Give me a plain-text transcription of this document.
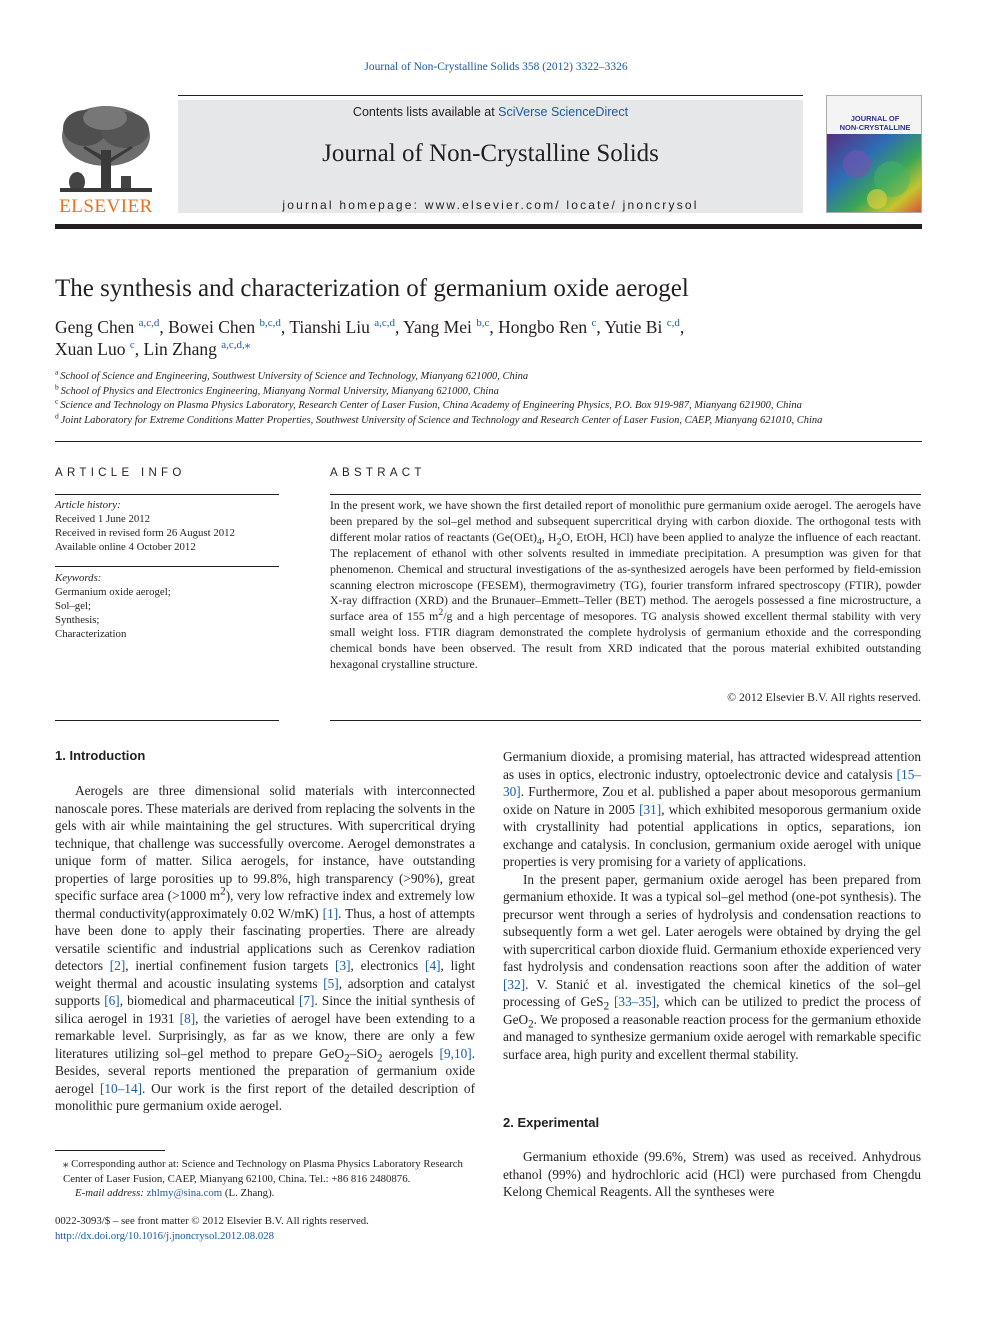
Journal of Non-Crystalline Solids 358 (2012) 3322–3326
ELSEVIER
Contents lists available at SciVerse ScienceDirect
Journal of Non-Crystalline Solids
journal homepage: www.elsevier.com/ locate/ jnoncrysol
JOURNAL OF
NON-CRYSTALLINE
The synthesis and characterization of germanium oxide aerogel
Geng Chen $^{a,c,d}$, Bowei Chen $^{b,c,d}$, Tianshi Liu $^{a,c,d}$, Yang Mei $^{b,c}$, Hongbo Ren $^c$, Yutie Bi $^{c,d}$,
Xuan Luo $^c$, Lin Zhang $^{a,c,d,⁎}$
$^a$ School of Science and Engineering, Southwest University of Science and Technology, Mianyang 621000, China
$^b$ School of Physics and Electronics Engineering, Mianyang Normal University, Mianyang 621000, China
$^c$ Science and Technology on Plasma Physics Laboratory, Research Center of Laser Fusion, China Academy of Engineering Physics, P.O. Box 919-987, Mianyang 621900, China
$^d$ Joint Laboratory for Extreme Conditions Matter Properties, Southwest University of Science and Technology and Research Center of Laser Fusion, CAEP, Mianyang 621010, China
ARTICLE INFO
Article history:
Received 1 June 2012
Received in revised form 26 August 2012
Available online 4 October 2012
Keywords:
Germanium oxide aerogel;
Sol–gel;
Synthesis;
Characterization
ABSTRACT
In the present work, we have shown the first detailed report of monolithic pure germanium oxide aerogel. The aerogels have been prepared by the sol–gel method and subsequent supercritical drying with carbon dioxide. The orthogonal tests with different molar ratios of reactants ($Ge(OEt)_4$, $H_2O$, EtOH, HCl) have been applied to analyze the influence of each reactant. The replacement of ethanol with other solvents resulted in immediate precipitation. A presumption was given for that phenomenon. Chemical and structural investigations of the as-synthesized aerogels have been performed by field-emission scanning electron microscope (FESEM), thermogravimetry (TG), fourier transform infrared spectroscopy (FTIR), powder X-ray diffraction (XRD) and the Brunauer–Emmett–Teller (BET) method. The aerogels possessed a fine microstructure, a surface area of 155 $m^2/g$ and a high percentage of mesopores. TG analysis showed excellent thermal stability with very small weight loss. FTIR diagram demonstrated the complete hydrolysis of germanium ethoxide and the corresponding chemical bonds have been observed. The result from XRD indicated that the porous material exhibited outstanding hexagonal crystalline structure.
© 2012 Elsevier B.V. All rights reserved.
1. Introduction

Aerogels are three dimensional solid materials with interconnected nanoscale pores. These materials are derived from replacing the solvents in the gels with air while maintaining the gel structures. With supercritical drying technique, that challenge was successfully overcome. Aerogel demonstrates a unique form of matter. Silica aerogels, for instance, have outstanding properties of large porosities up to 99.8%, high transparency (>90%), great specific surface area (>1000 $m^2$), very low refractive index and extremely low thermal conductivity(approximately 0.02 W/mK) [1]. Thus, a host of attempts have been done to apply their fascinating properties. There are already versatile scientific and industrial applications such as Cerenkov radiation detectors [2], inertial confinement fusion targets [3], electronics [4], light weight thermal and acoustic insulating systems [5], adsorption and catalyst supports [6], biomedical and pharmaceutical [7]. Since the initial synthesis of silica aerogel in 1931 [8], the varieties of aerogel have been extending to a remarkable level. Surprisingly, as far as we know, there are only a few literatures utilizing sol–gel method to prepare GeO$_2$–SiO$_2$ aerogels [9,10]. Besides, several reports mentioned the preparation of germanium oxide aerogel [10–14]. Our work is the first report of the detailed description of monolithic pure germanium oxide aerogel.

⁎ Corresponding author at: Science and Technology on Plasma Physics Laboratory Research Center of Laser Fusion, CAEP, Mianyang 62100, China. Tel.: +86 816 2480876.
E-mail address: zhlmy@sina.com (L. Zhang).
0022-3093/$ – see front matter © 2012 Elsevier B.V. All rights reserved.
http://dx.doi.org/10.1016/j.jnoncrysol.2012.08.028

Germanium dioxide, a promising material, has attracted widespread attention as uses in optics, electronic industry, optoelectronic device and catalysis [15–30]. Furthermore, Zou et al. published a paper about mesoporous germanium oxide on Nature in 2005 [31], which exhibited mesoporous germanium oxide with crystallinity had potential applications in optics, separations, ion exchange and catalysis. In conclusion, germanium oxide aerogel with unique properties is very promising for a variety of applications.

In the present paper, germanium oxide aerogel has been prepared from germanium ethoxide. It was a typical sol–gel method (one-pot synthesis). The precursor went through a series of hydrolysis and condensation reactions to subsequently form a wet gel. Later aerogels were obtained by drying the gel with supercritical carbon dioxide fluid. Germanium ethoxide experienced very fast hydrolysis and condensation reactions soon after the addition of water [32]. V. Stanić et al. investigated the chemical kinetics of the sol–gel processing of GeS$_2$ [33–35], which can be utilized to predict the process of GeO$_2$. We proposed a reasonable reaction process for the germanium ethoxide and managed to synthesize germanium oxide aerogel with remarkable specific surface area, high purity and excellent thermal stability.

2. Experimental

Germanium ethoxide (99.6%, Strem) was used as received. Anhydrous ethanol (99%) and hydrochloric acid (HCl) were purchased from Chengdu Kelong Chemical Reagents. All the syntheses were
